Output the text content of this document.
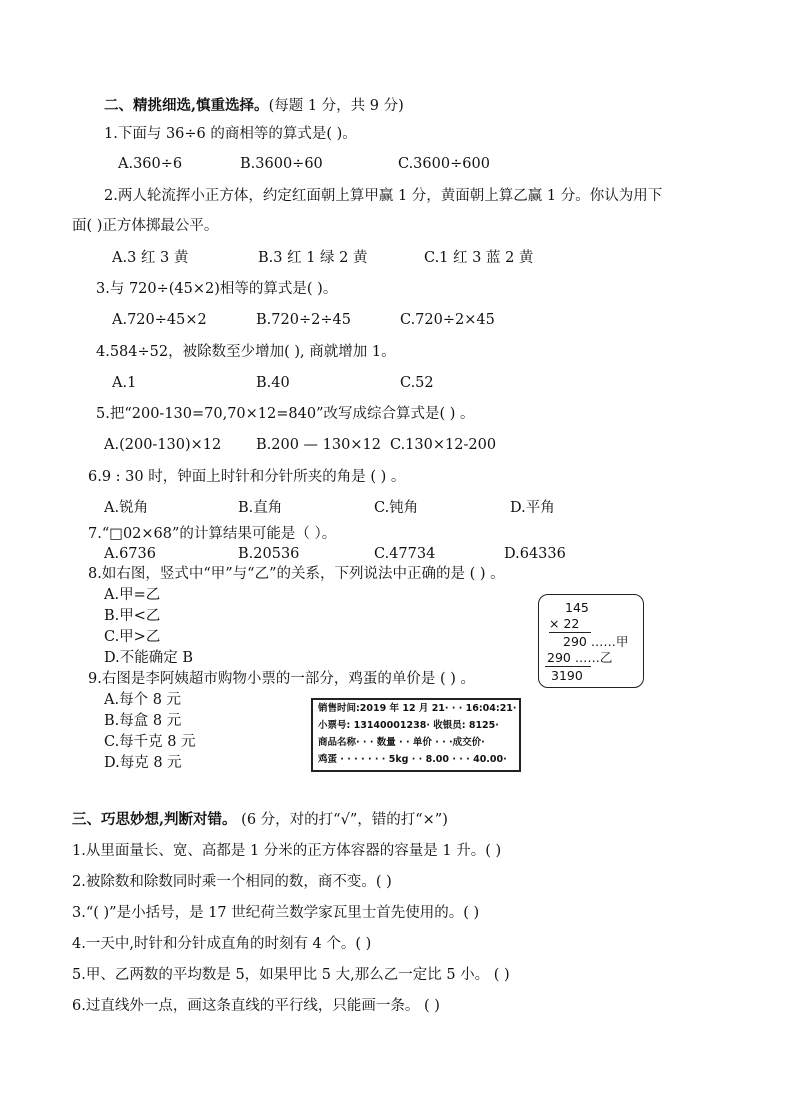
二、精挑细选,慎重选择。(每题 1 分，共 9 分)
1.下面与 36÷6 的商相等的算式是( )。
A.360÷6	B.3600÷60	C.3600÷600
2.两人轮流挥小正方体，约定红面朝上算甲赢 1 分，黄面朝上算乙赢 1 分。你认为用下
面( )正方体掷最公平。
A.3 红 3 黄	B.3 红 1 绿 2 黄	C.1 红 3 蓝 2 黄
3.与 720÷(45×2)相等的算式是( )。
A.720÷45×2	B.720÷2÷45	C.720÷2×45
4.584÷52，被除数至少增加( ), 商就增加 1。
A.1	B.40	C.52
5.把“200-130=70,70×12=840”改写成综合算式是( ) 。
A.(200-130)×12 B.200 — 130×12 C.130×12-200
6.9 : 30 时，钟面上时针和分针所夹的角是 ( ) 。
A.锐角	B.直角	C.钝角	D.平角
7.“□02×68”的计算结果可能是（ ）。
A.6736	B.20536	C.47734	D.64336
8.如右图，竖式中“甲”与“乙”的关系，下列说法中正确的是 ( ) 。
A.甲=乙
B.甲<乙
C.甲>乙
D.不能确定 B
145
× 22
290 ……甲
290 ……乙
3190
9.右图是李阿姨超市购物小票的一部分，鸡蛋的单价是 ( ) 。
A.每个 8 元
B.每盒 8 元
C.每千克 8 元
D.每克 8 元
销售时间:2019 年 12 月 21· · · 16:04:21·
小票号: 13140001238· 收银员: 8125·
商品名称· · · 数量 · · 单价 · · ·成交价·
鸡蛋 · · · · · · · 5kg · · 8.00 · · · 40.00·
三、巧思妙想,判断对错。 (6 分，对的打“√”，错的打“×”)
1.从里面量长、宽、高都是 1 分米的正方体容器的容量是 1 升。( )
2.被除数和除数同时乘一个相同的数，商不变。( )
3.“( )”是小括号，是 17 世纪荷兰数学家瓦里士首先使用的。( )
4.一天中,时针和分针成直角的时刻有 4 个。( )
5.甲、乙两数的平均数是 5，如果甲比 5 大,那么乙一定比 5 小。 ( )
6.过直线外一点，画这条直线的平行线，只能画一条。 ( )
